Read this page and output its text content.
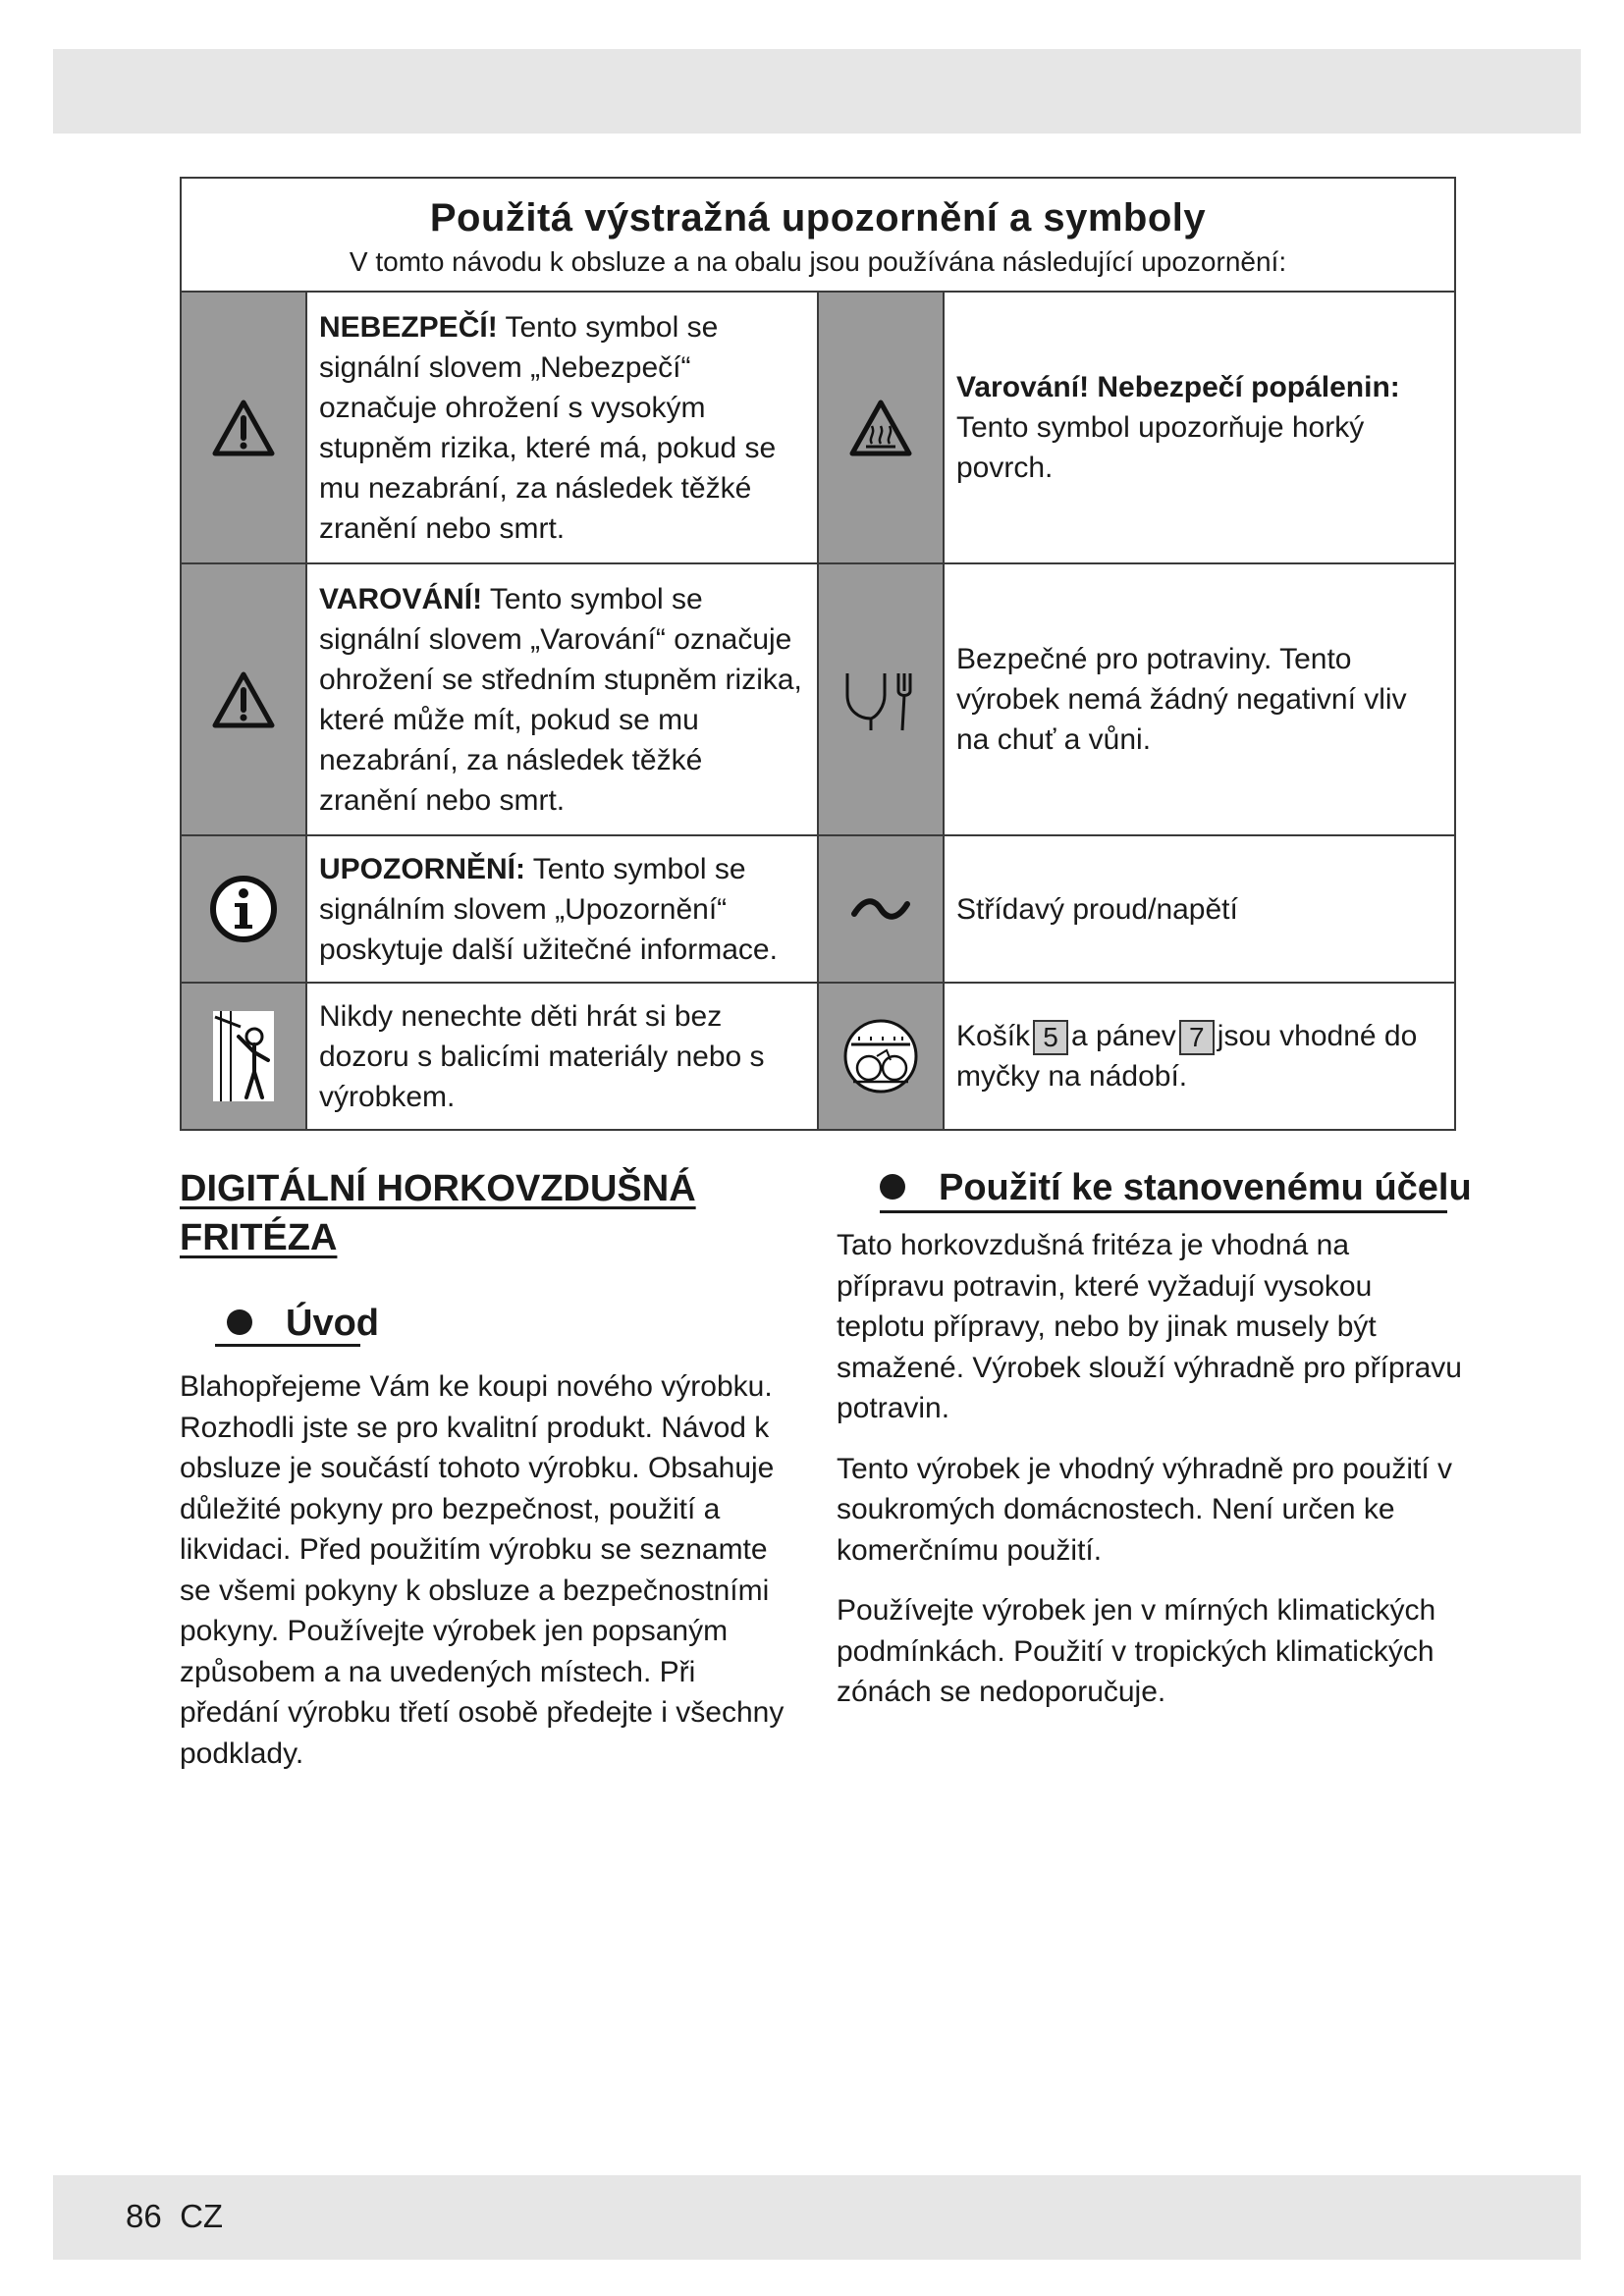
Použitá výstražná upozornění a symboly
V tomto návodu k obsluze a na obalu jsou používána následující upozornění:			

	NEBEZPEČÍ! Tento symbol se signální slovem „Nebezpečí“ označuje ohrožení s vysokým stupněm rizika, které má, pokud se mu nezabrání, za následek těžké zranění nebo smrt.		Varování! Nebezpečí popálenin: Tento symbol upozorňuje horký povrch.
	VAROVÁNÍ! Tento symbol se signální slovem „Varování“ označuje ohrožení se středním stupněm rizika, které může mít, pokud se mu nezabrání, za následek těžké zranění nebo smrt.		Bezpečné pro potraviny. Tento výrobek nemá žádný negativní vliv na chuť a vůni.
	UPOZORNĚNÍ: Tento symbol se signálním slovem „Upozornění“ poskytuje další užitečné informace.		Střídavý proud/napětí
	Nikdy nenechte děti hrát si bez dozoru s balicími materiály nebo s výrobkem.		Košík 5 a pánev 7 jsou vhodné do myčky na nádobí.
DIGITÁLNÍ HORKOVZDUŠNÁ
FRITÉZA
Úvod

Blahopřejeme Vám ke koupi nového výrobku. Rozhodli jste se pro kvalitní produkt. Návod k obsluze je součástí tohoto výrobku. Obsahuje důležité pokyny pro bezpečnost, použití a likvidaci. Před použitím výrobku se seznamte se všemi pokyny k obsluze a bezpečnostními pokyny. Používejte výrobek jen popsaným způsobem a na uvedených místech. Při předání výrobku třetí osobě předejte i všechny podklady.

Použití ke stanovenému účelu

Tato horkovzdušná fritéza je vhodná na přípravu potravin, které vyžadují vysokou teplotu přípravy, nebo by jinak musely být smažené. Výrobek slouží výhradně pro přípravu potravin.

Tento výrobek je vhodný výhradně pro použití v soukromých domácnostech. Není určen ke komerčnímu použití.

Používejte výrobek jen v mírných klimatických podmínkách. Použití v tropických klimatických zónách se nedoporučuje.

86 CZ
